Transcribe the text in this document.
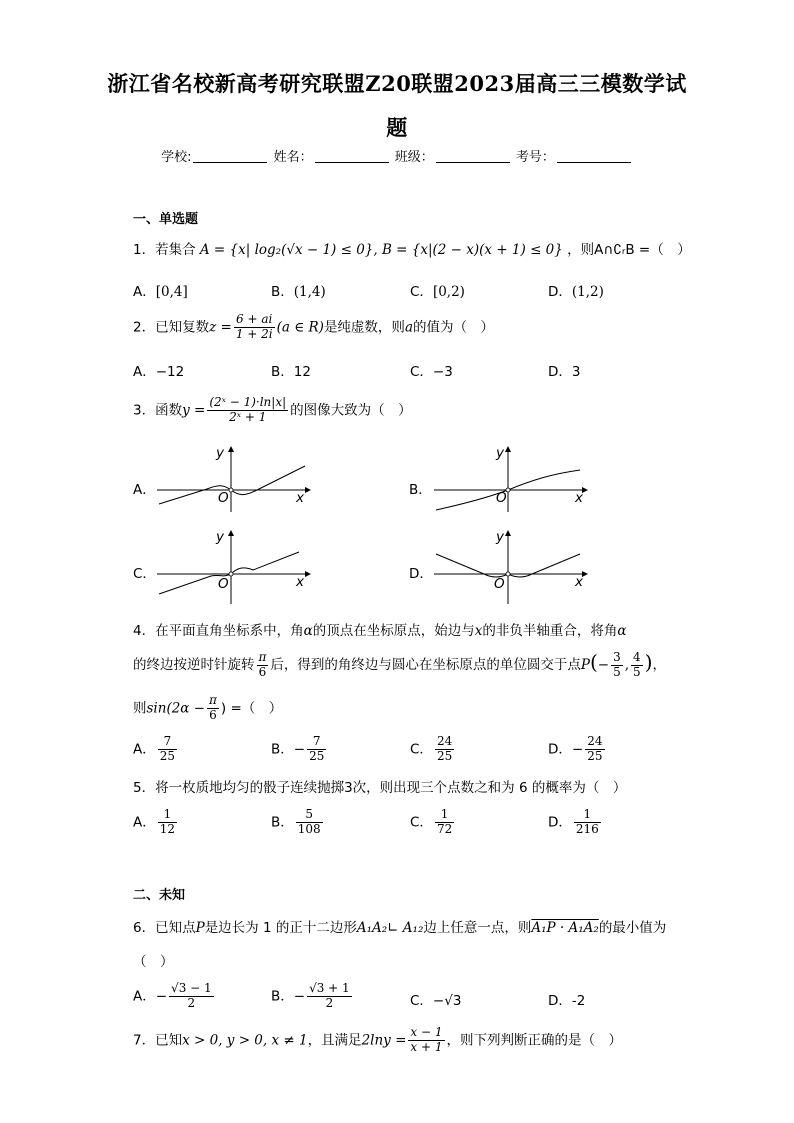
浙江省名校新高考研究联盟Z20联盟2023届高三三模数学试
题
学校:	姓名：	班级：	考号：
一、单选题
1．若集合 A = {x| log₂(√x − 1) ≤ 0}, B = {x|(2 − x)(x + 1) ≤ 0} ，则A∩∁ᵣB =（　）
A．[0,4]	B．(1,4)	C．[0,2)	D．(1,2)
2．已知复数$z = \frac{6 + ai}{1 + 2i} (a$ ∈ R)是纯虚数，则a的值为（　）
A．−12	B．12	C．−3	D．3
3．函数$y = \frac{\text{(2ˣ − 1)·ln|x|}}{\text{2ˣ + 1}}$ 的图像大致为（　）
A．
y
x
O	B．
y
x
O
C．
y
x
O
D．
y
x
O
4．在平面直角坐标系中，角α的顶点在坐标原点，始边与x的非负半轴重合，将角α
的终边按逆时针旋转 $\frac{\pi}{6}$ 后，得到的角终边与圆心在坐标原点的单位圆交于点$P(- \frac{3}{5}$ , $\frac{4}{5}$ )，
则$\sin(2\alpha - \frac{\pi}{6}$ ) =（　）
A． $\frac{7}{25}$	B．− $\frac{7}{25}$	C． $\frac{24}{25}$	D．− $\frac{24}{25}$
5．将一枚质地均匀的骰子连续抛掷3次，则出现三个点数之和为 6 的概率为（　）
A． $\frac{1}{12}$	B． $\frac{5}{108}$	C． $\frac{1}{72}$	D． $\frac{1}{216}$
二、未知
6．已知点P是边长为 1 的正十二边形A₁A₂∟ A₁₂边上任意一点，则A₁P · A₁A₂的最小值为
（　）
A．− $\frac{√3 - 1}{2}$	B．− $\frac{√3 + 1}{2}$	C．−√3	D．-2
7．已知x > 0, y > 0, x ≠ 1，且满足$2\ln y = \frac{x - 1}{x + 1}$ ，则下列判断正确的是（　）
